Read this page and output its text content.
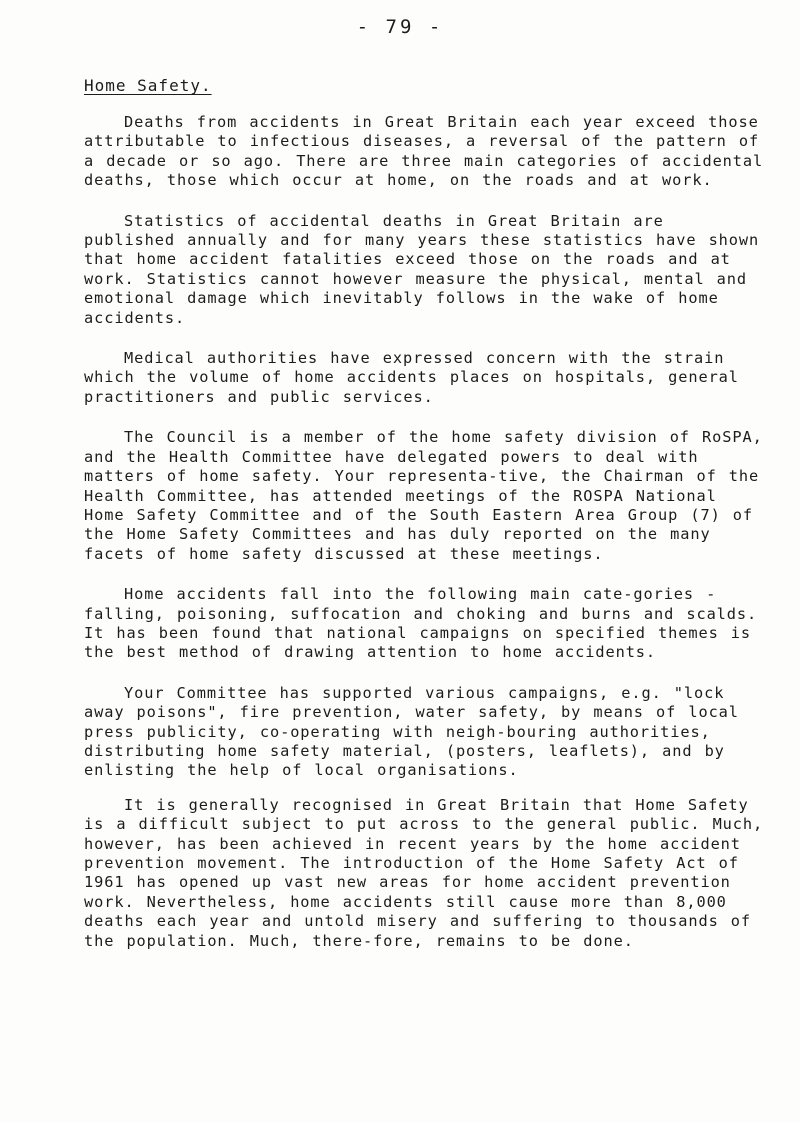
- 79 -
Home Safety.

Deaths from accidents in Great Britain each year exceed those attributable to infectious diseases, a reversal of the pattern of a decade or so ago. There are three main categories of accidental deaths, those which occur at home, on the roads and at work.

Statistics of accidental deaths in Great Britain are published annually and for many years these statistics have shown that home accident fatalities exceed those on the roads and at work. Statistics cannot however measure the physical, mental and emotional damage which inevitably follows in the wake of home accidents.

Medical authorities have expressed concern with the strain which the volume of home accidents places on hospitals, general practitioners and public services.

The Council is a member of the home safety division of RoSPA, and the Health Committee have delegated powers to deal with matters of home safety. Your representa-tive, the Chairman of the Health Committee, has attended meetings of the ROSPA National Home Safety Committee and of the South Eastern Area Group (7) of the Home Safety Committees and has duly reported on the many facets of home safety discussed at these meetings.

Home accidents fall into the following main cate-gories - falling, poisoning, suffocation and choking and burns and scalds. It has been found that national campaigns on specified themes is the best method of drawing attention to home accidents.

Your Committee has supported various campaigns, e.g. "lock away poisons", fire prevention, water safety, by means of local press publicity, co-operating with neigh-bouring authorities, distributing home safety material, (posters, leaflets), and by enlisting the help of local organisations.

It is generally recognised in Great Britain that Home Safety is a difficult subject to put across to the general public. Much, however, has been achieved in recent years by the home accident prevention movement. The introduction of the Home Safety Act of 1961 has opened up vast new areas for home accident prevention work. Nevertheless, home accidents still cause more than 8,000 deaths each year and untold misery and suffering to thousands of the population. Much, there-fore, remains to be done.
